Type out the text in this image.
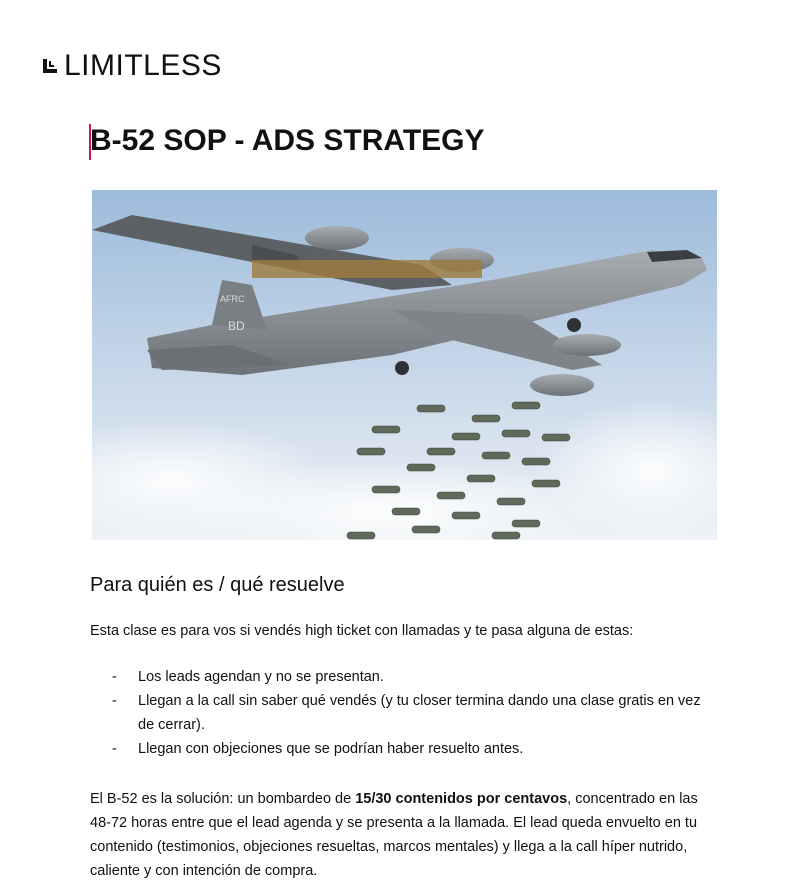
LIMITLESS
B-52 SOP - ADS STRATEGY
AFRC
BD
Para quién es / qué resuelve

Esta clase es para vos si vendés high ticket con llamadas y te pasa alguna de estas:

- Los leads agendan y no se presentan.
- Llegan a la call sin saber qué vendés (y tu closer termina dando una clase gratis en vez de cerrar).
- Llegan con objeciones que se podrían haber resuelto antes.

El B-52 es la solución: un bombardeo de 15/30 contenidos por centavos, concentrado en las 48-72 horas entre que el lead agenda y se presenta a la llamada. El lead queda envuelto en tu contenido (testimonios, objeciones resueltas, marcos mentales) y llega a la call híper nutrido, caliente y con intención de compra.
